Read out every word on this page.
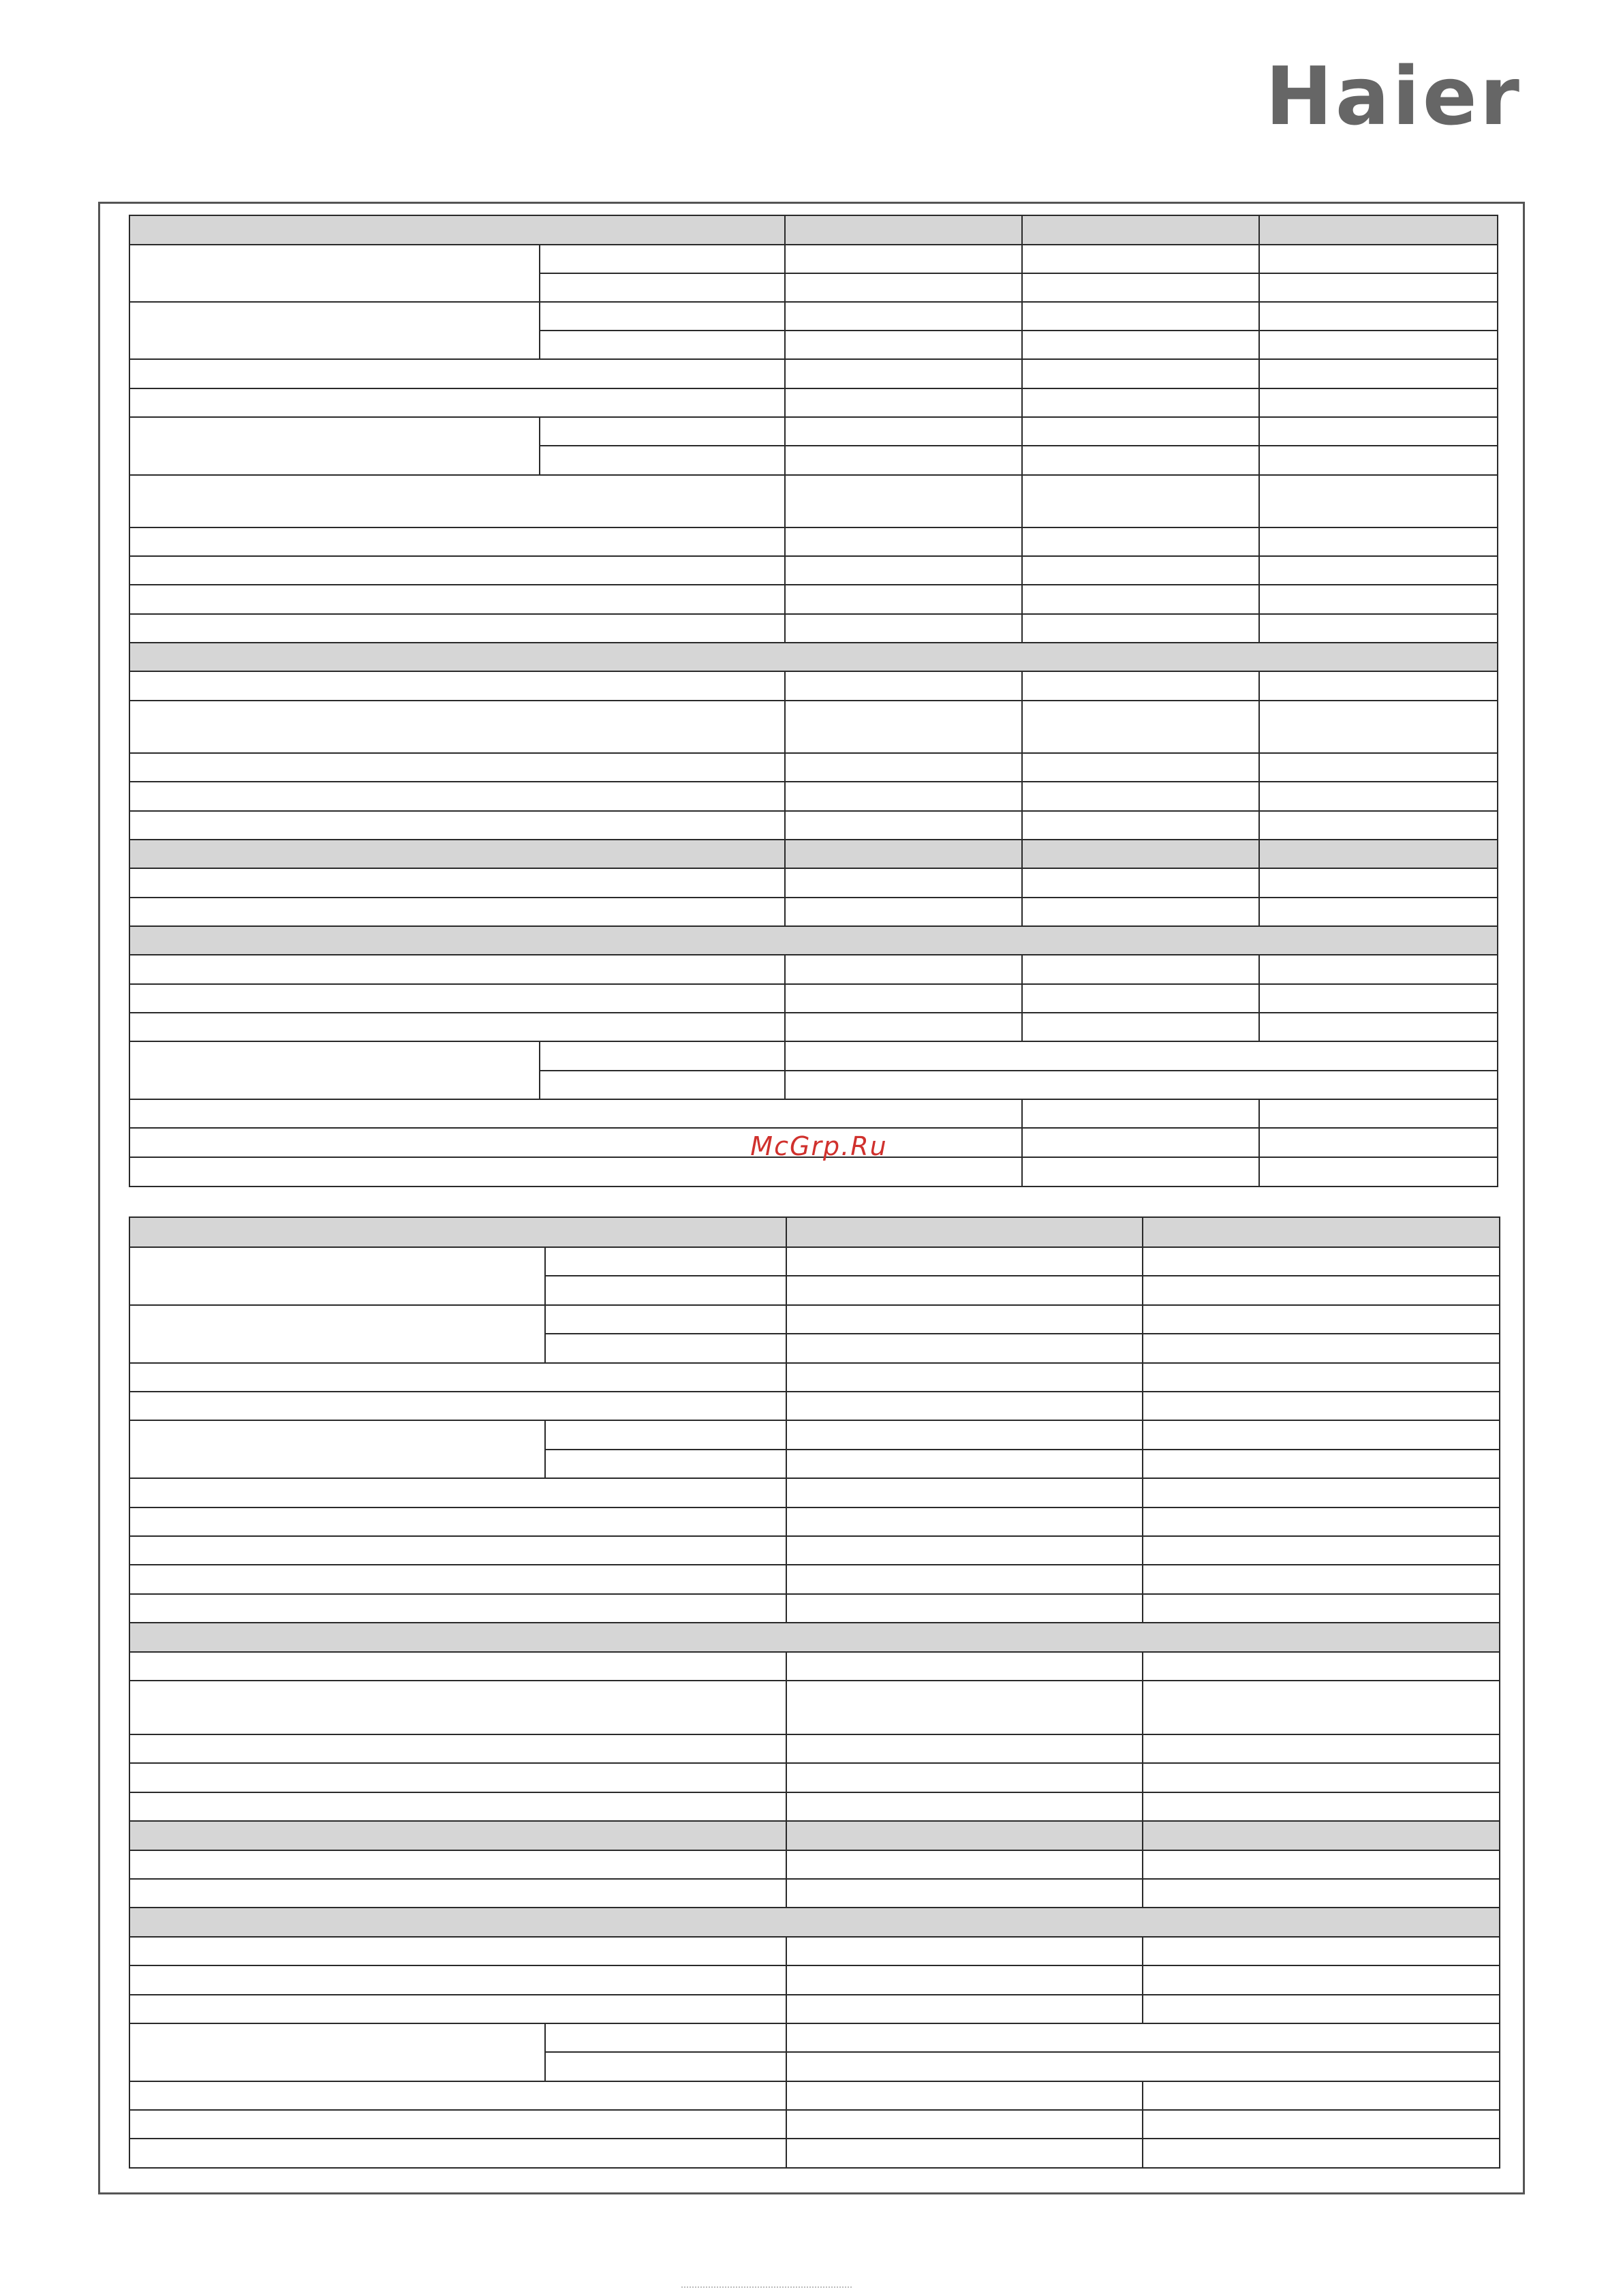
Haier

McGrp.Ru
